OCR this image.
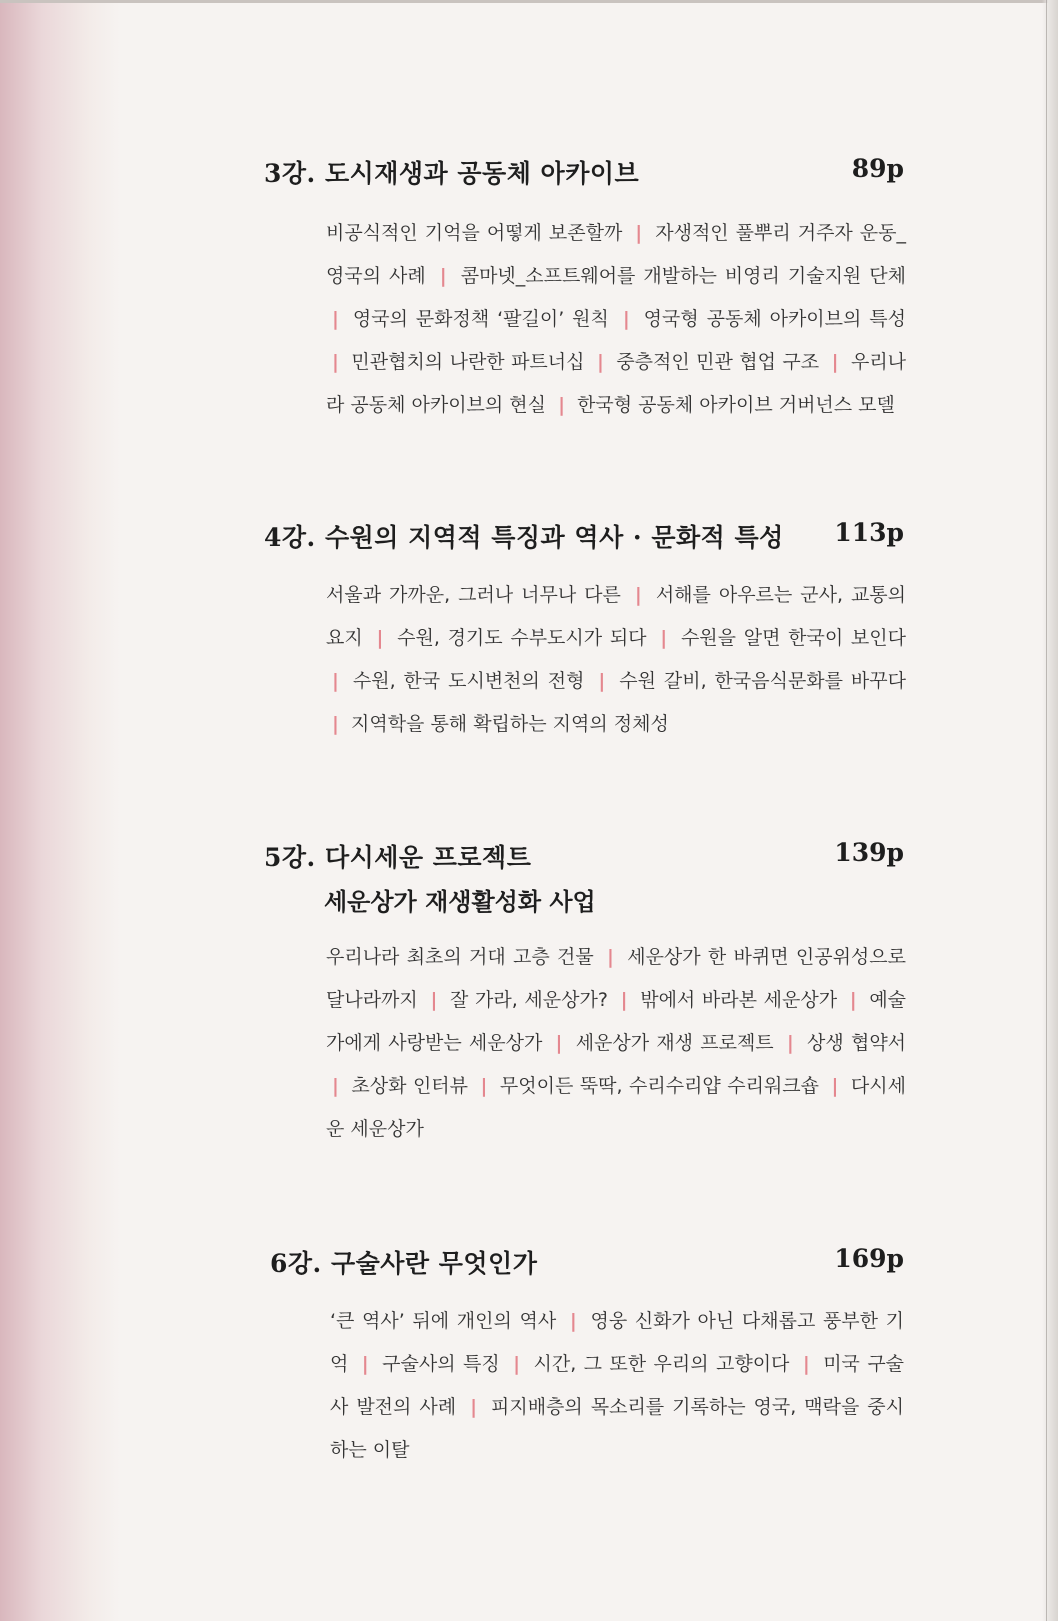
3강. 도시재생과 공동체 아카이브	89p
비공식적인 기억을 어떻게 보존할까 | 자생적인 풀뿌리 거주자 운동_영국의 사례 | 콤마넷_소프트웨어를 개발하는 비영리 기술지원 단체 | 영국의 문화정책 ‘팔길이’ 원칙 | 영국형 공동체 아카이브의 특성 | 민관협치의 나란한 파트너십 | 중층적인 민관 협업 구조 | 우리나라 공동체 아카이브의 현실 | 한국형 공동체 아카이브 거버넌스 모델
4강. 수원의 지역적 특징과 역사 · 문화적 특성 113p
서울과 가까운, 그러나 너무나 다른 | 서해를 아우르는 군사, 교통의 요지 | 수원, 경기도 수부도시가 되다 | 수원을 알면 한국이 보인다 | 수원, 한국 도시변천의 전형 | 수원 갈비, 한국음식문화를 바꾸다 | 지역학을 통해 확립하는 지역의 정체성
5강. 다시세운 프로젝트	139p
세운상가 재생활성화 사업
우리나라 최초의 거대 고층 건물 | 세운상가 한 바퀴면 인공위성으로 달나라까지 | 잘 가라, 세운상가? | 밖에서 바라본 세운상가 | 예술가에게 사랑받는 세운상가 | 세운상가 재생 프로젝트 | 상생 협약서 | 초상화 인터뷰 | 무엇이든 뚝딱, 수리수리얍 수리워크숍 | 다시세운 세운상가
6강. 구술사란 무엇인가	169p
‘큰 역사’ 뒤에 개인의 역사 | 영웅 신화가 아닌 다채롭고 풍부한 기억 | 구술사의 특징 | 시간, 그 또한 우리의 고향이다 | 미국 구술사 발전의 사례 | 피지배층의 목소리를 기록하는 영국, 맥락을 중시하는 이탈
